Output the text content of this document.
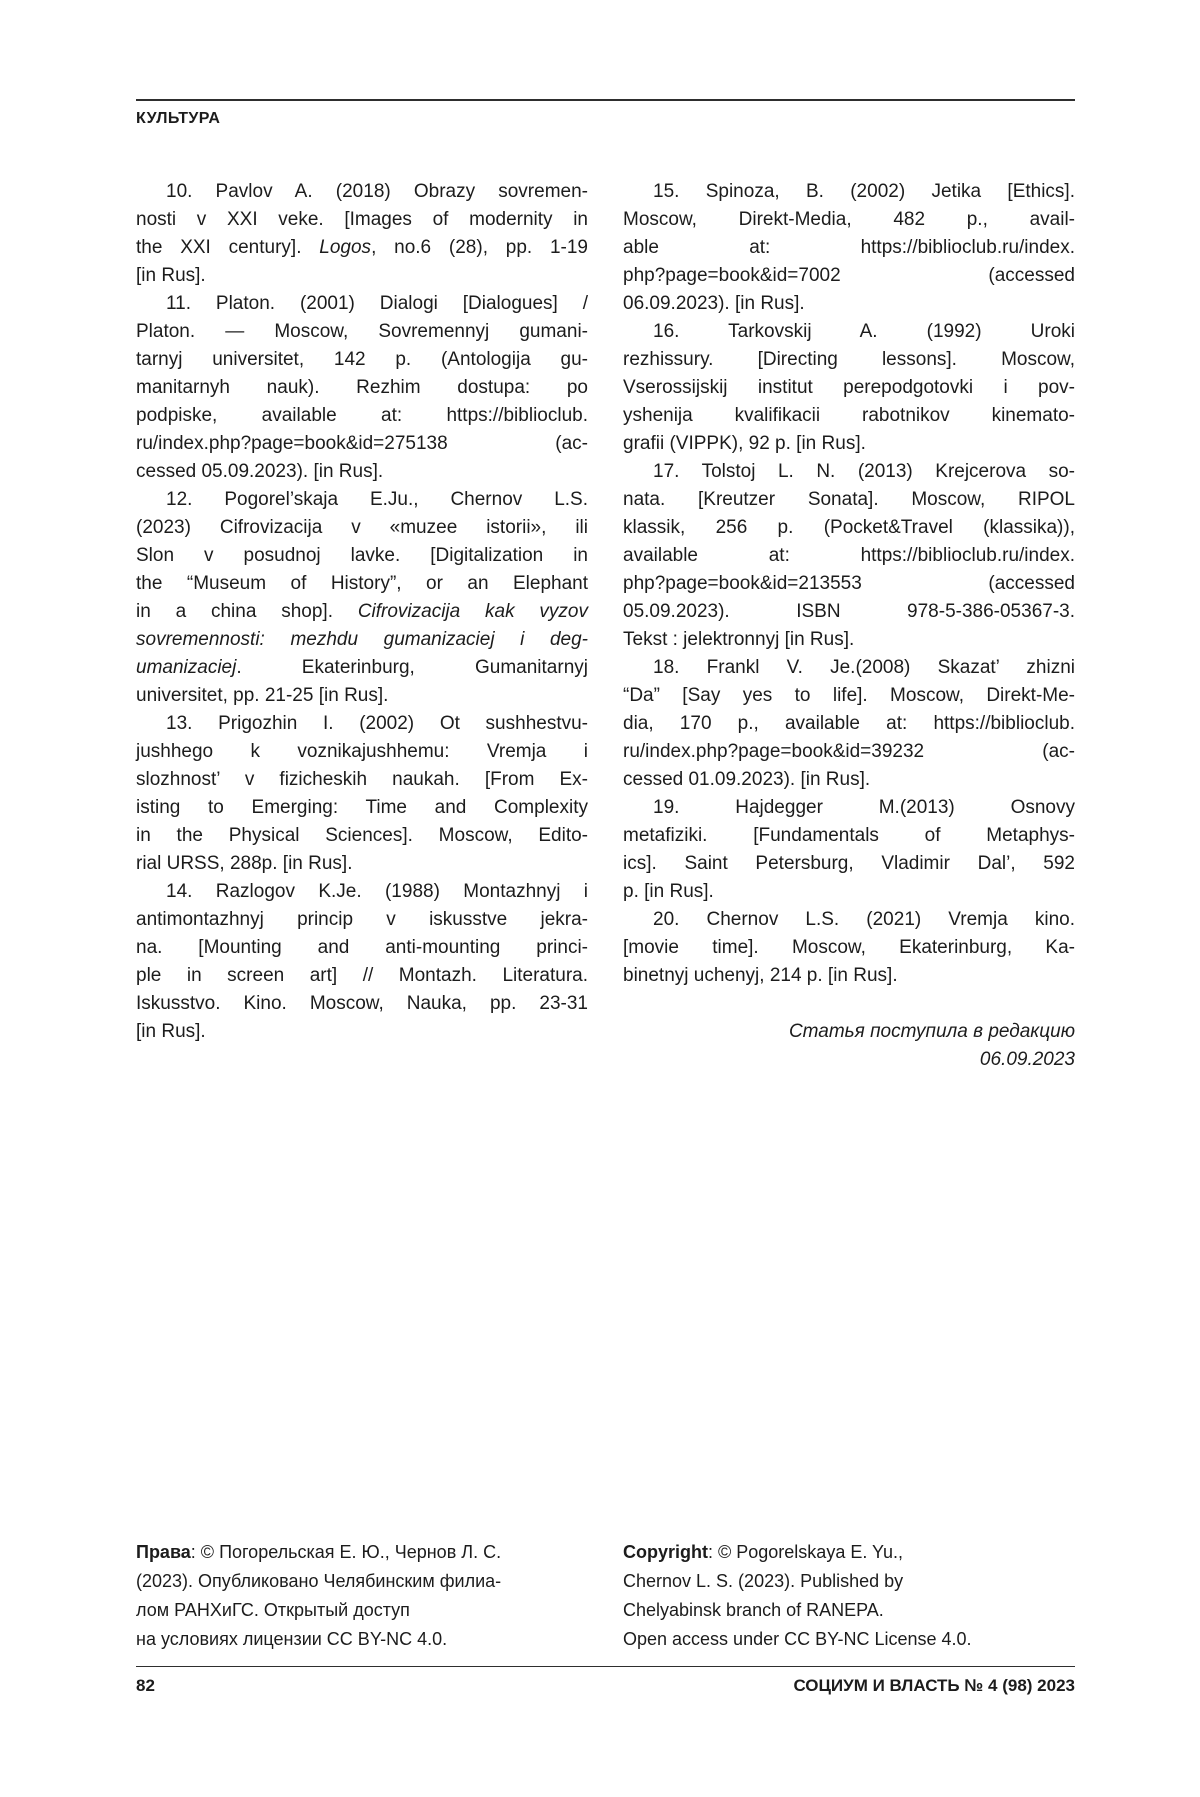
КУЛЬТУРА
10. Pavlov A. (2018) Obrazy sovremen-
nosti v XXI veke. [Images of modernity in
the XXI century]. Logos, no.6 (28), pp. 1-19
[in Rus].
11. Platon. (2001) Dialogi [Dialogues] /
Platon. — Moscow, Sovremennyj gumani-
tarnyj universitet, 142 p. (Antologija gu-
manitarnyh nauk). Rezhim dostupa: po
podpiske, available at: https://biblioclub.
ru/index.php?page=book&id=275138 (ac-
cessed 05.09.2023). [in Rus].
12. Pogorel’skaja E.Ju., Chernov L.S.
(2023) Cifrovizacija v «muzee istorii», ili
Slon v posudnoj lavke. [Digitalization in
the “Museum of History”, or an Elephant
in a china shop]. Cifrovizacija kak vyzov
sovremennosti: mezhdu gumanizaciej i deg-
umanizaciej. Ekaterinburg, Gumanitarnyj
universitet, pp. 21-25 [in Rus].
13. Prigozhin I. (2002) Ot sushhestvu-
jushhego k voznikajushhemu: Vremja i
slozhnost’ v fizicheskih naukah. [From Ex-
isting to Emerging: Time and Complexity
in the Physical Sciences]. Moscow, Edito-
rial URSS, 288p. [in Rus].
14. Razlogov K.Je. (1988) Montazhnyj i
antimontazhnyj princip v iskusstve jekra-
na. [Mounting and anti-mounting princi-
ple in screen art] // Montazh. Literatura.
Iskusstvo. Kino. Moscow, Nauka, pp. 23-31
[in Rus].
15. Spinoza, B. (2002) Jetika [Ethics].
Moscow, Direkt-Media, 482 p., avail-
able at: https://biblioclub.ru/index.
php?page=book&id=7002 (accessed
06.09.2023). [in Rus].
16. Tarkovskij A. (1992) Uroki
rezhissury. [Directing lessons]. Moscow,
Vserossijskij institut perepodgotovki i pov-
yshenija kvalifikacii rabotnikov kinemato-
grafii (VIPPK), 92 p. [in Rus].
17. Tolstoj L. N. (2013) Krejcerova so-
nata. [Kreutzer Sonata]. Moscow, RIPOL
klassik, 256 p. (Pocket&Travel (klassika)),
available at: https://biblioclub.ru/index.
php?page=book&id=213553 (accessed
05.09.2023). ISBN 978-5-386-05367-3.
Tekst : jelektronnyj [in Rus].
18. Frankl V. Je.(2008) Skazat’ zhizni
“Da” [Say yes to life]. Moscow, Direkt-Me-
dia, 170 p., available at: https://biblioclub.
ru/index.php?page=book&id=39232 (ac-
cessed 01.09.2023). [in Rus].
19. Hajdegger M.(2013) Osnovy
metafiziki. [Fundamentals of Metaphys-
ics]. Saint Petersburg, Vladimir Dal’, 592
p. [in Rus].
20. Chernov L.S. (2021) Vremja kino.
[movie time]. Moscow, Ekaterinburg, Ka-
binetnyj uchenyj, 214 p. [in Rus].
Статья поступила в редакцию
06.09.2023
Права: © Погорельская Е. Ю., Чернов Л. С.
(2023). Опубликовано Челябинским филиа-
лом РАНХиГС. Открытый доступ
на условиях лицензии CC BY-NC 4.0.
Copyright: © Pogorelskaya E. Yu.,
Chernov L. S. (2023). Published by
Chelyabinsk branch of RANEPA.
Open access under CC BY-NC License 4.0.
82	СОЦИУМ И ВЛАСТЬ № 4 (98) 2023
